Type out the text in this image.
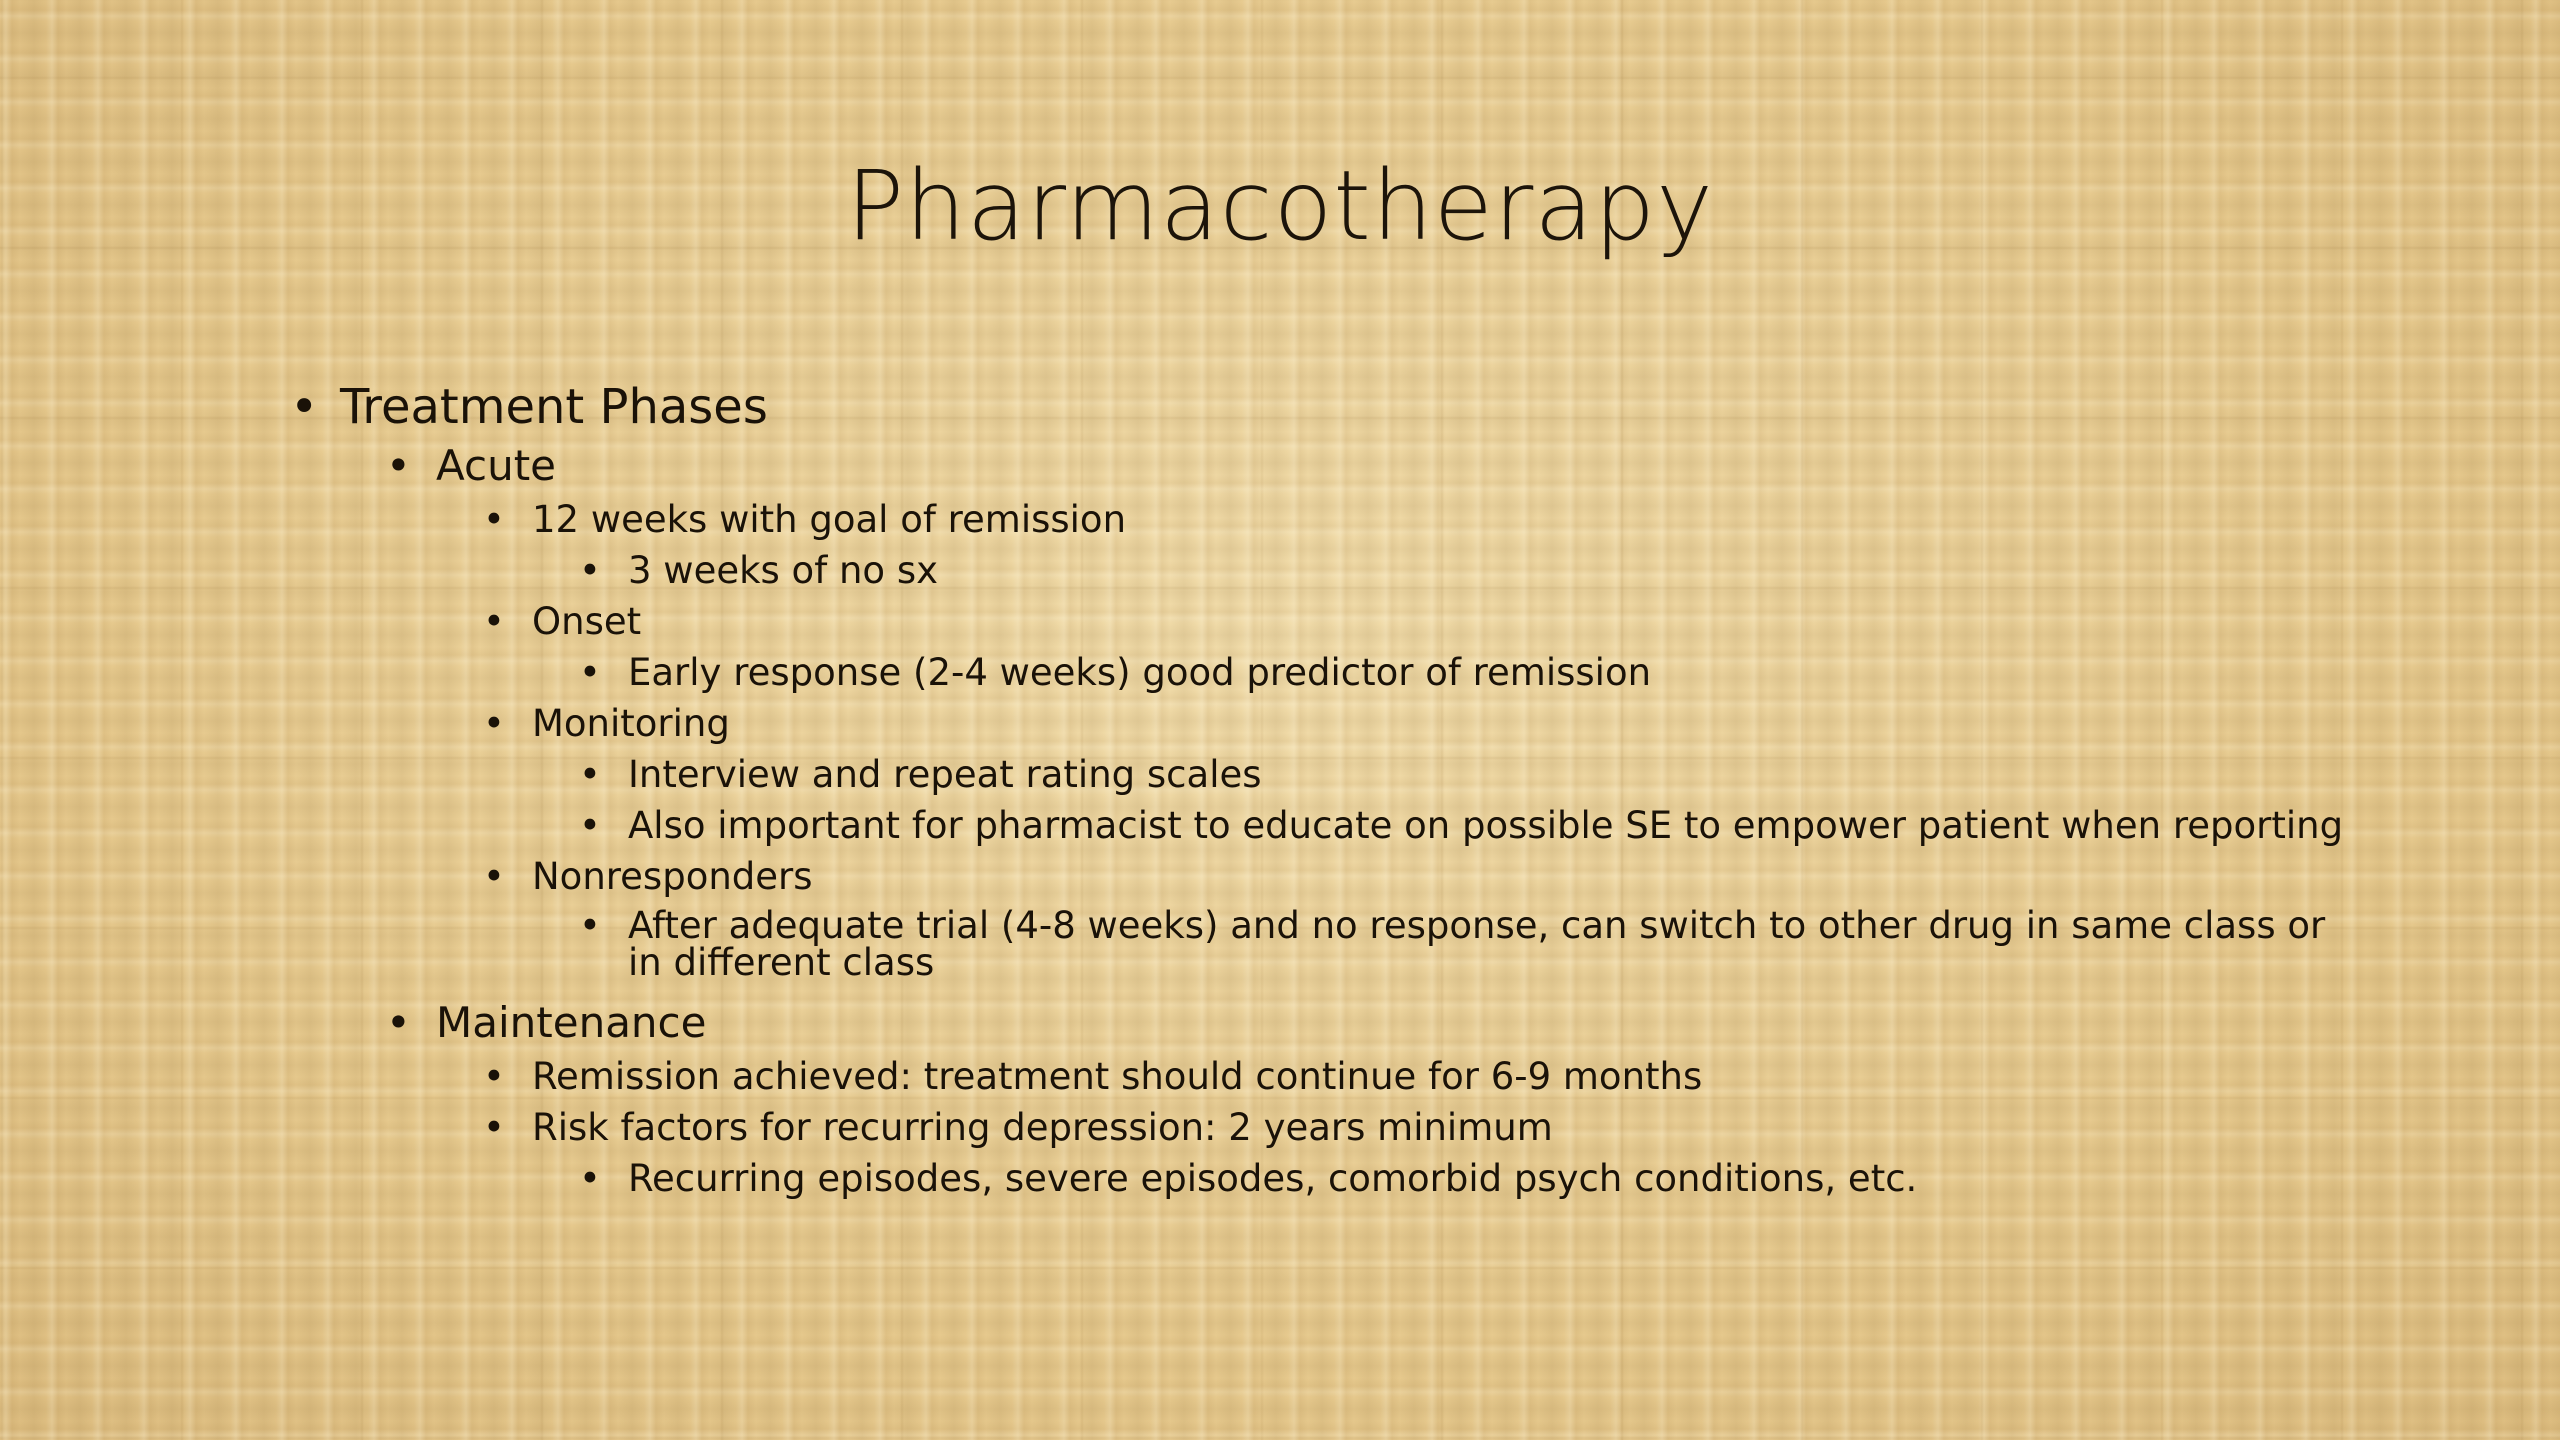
Pharmacotherapy
• Treatment Phases
• Acute
• 12 weeks with goal of remission
• 3 weeks of no sx
• Onset
• Early response (2-4 weeks) good predictor of remission
• Monitoring
• Interview and repeat rating scales
• Also important for pharmacist to educate on possible SE to empower patient when reporting
• Nonresponders
• After adequate trial (4-8 weeks) and no response, can switch to other drug in same class or in different class
• Maintenance
• Remission achieved: treatment should continue for 6-9 months
• Risk factors for recurring depression: 2 years minimum
• Recurring episodes, severe episodes, comorbid psych conditions, etc.
